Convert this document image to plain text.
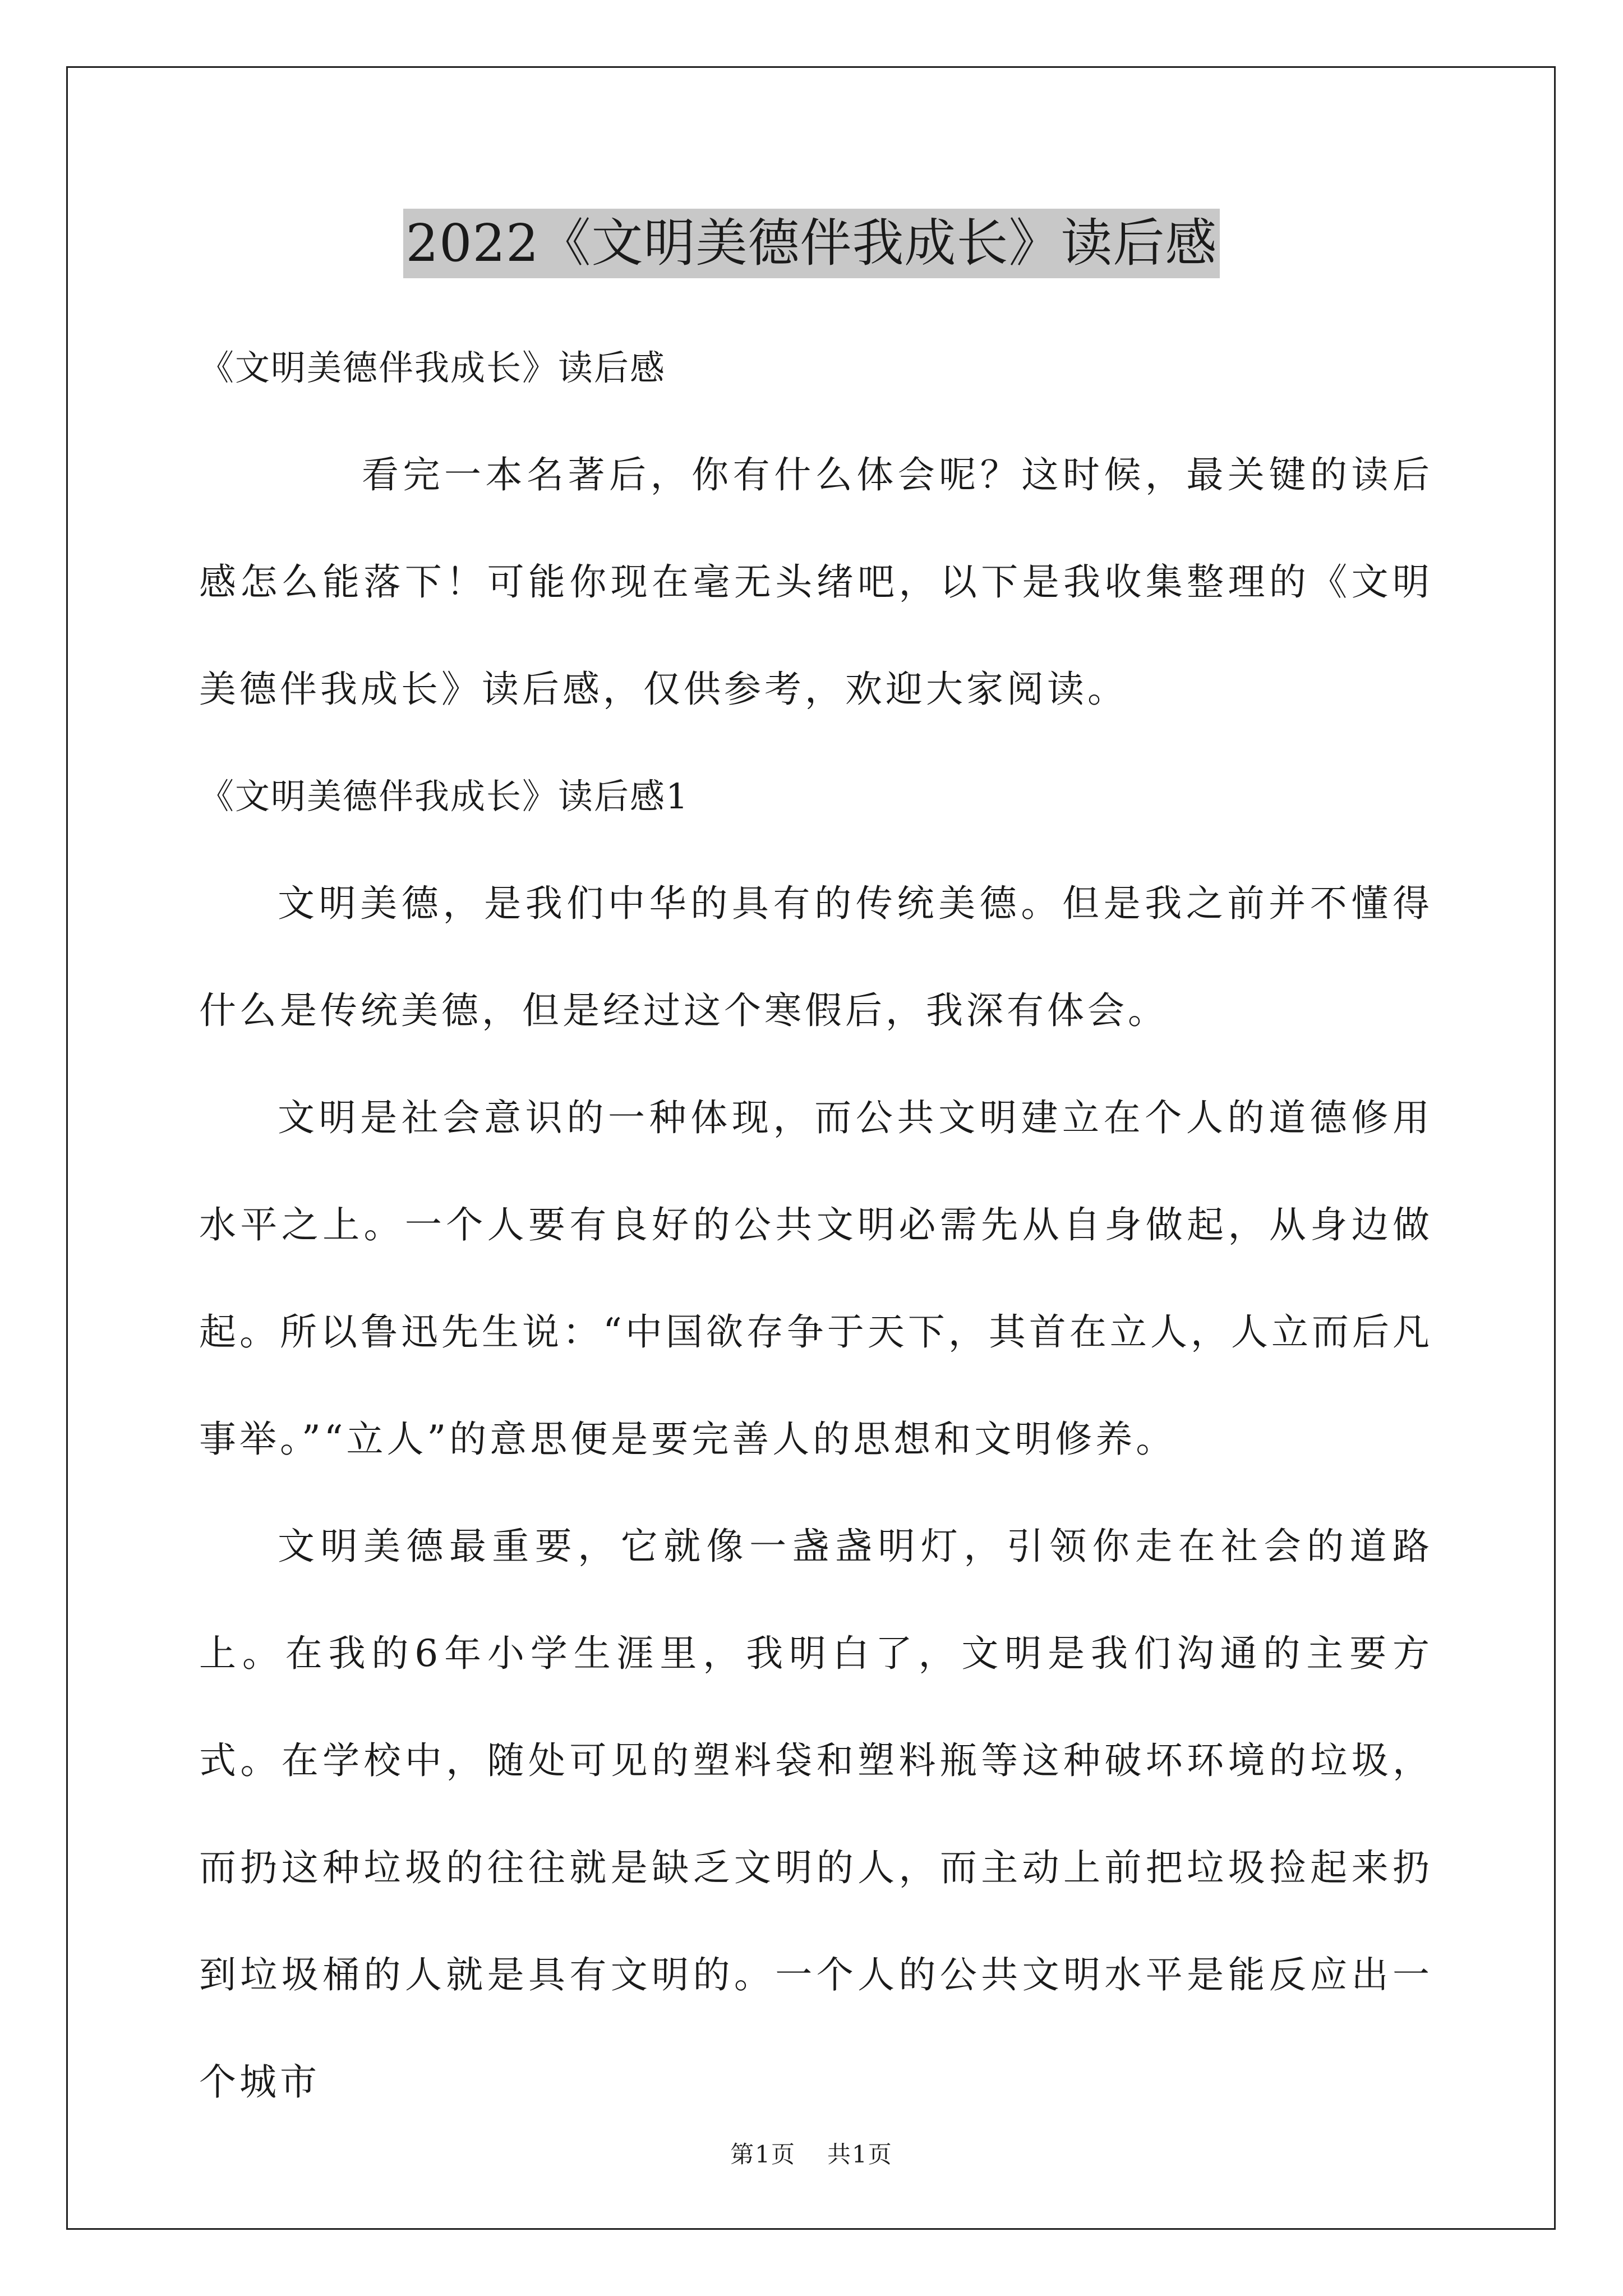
2022《文明美德伴我成长》读后感

《文明美德伴我成长》读后感

看完一本名著后，你有什么体会呢？这时候，最关键的读后感怎么能落下！可能你现在毫无头绪吧，以下是我收集整理的《文明美德伴我成长》读后感，仅供参考，欢迎大家阅读。

《文明美德伴我成长》读后感1

文明美德，是我们中华的具有的传统美德。但是我之前并不懂得什么是传统美德，但是经过这个寒假后，我深有体会。

文明是社会意识的一种体现，而公共文明建立在个人的道德修用水平之上。一个人要有良好的公共文明必需先从自身做起，从身边做起。所以鲁迅先生说：“中国欲存争于天下，其首在立人，人立而后凡事举。”“立人”的意思便是要完善人的思想和文明修养。

文明美德最重要，它就像一盏盏明灯，引领你走在社会的道路上。在我的6年小学生涯里，我明白了，文明是我们沟通的主要方式。在学校中，随处可见的塑料袋和塑料瓶等这种破坏环境的垃圾，而扔这种垃圾的往往就是缺乏文明的人，而主动上前把垃圾捡起来扔到垃圾桶的人就是具有文明的。一个人的公共文明水平是能反应出一个城市

第1页 共1页
